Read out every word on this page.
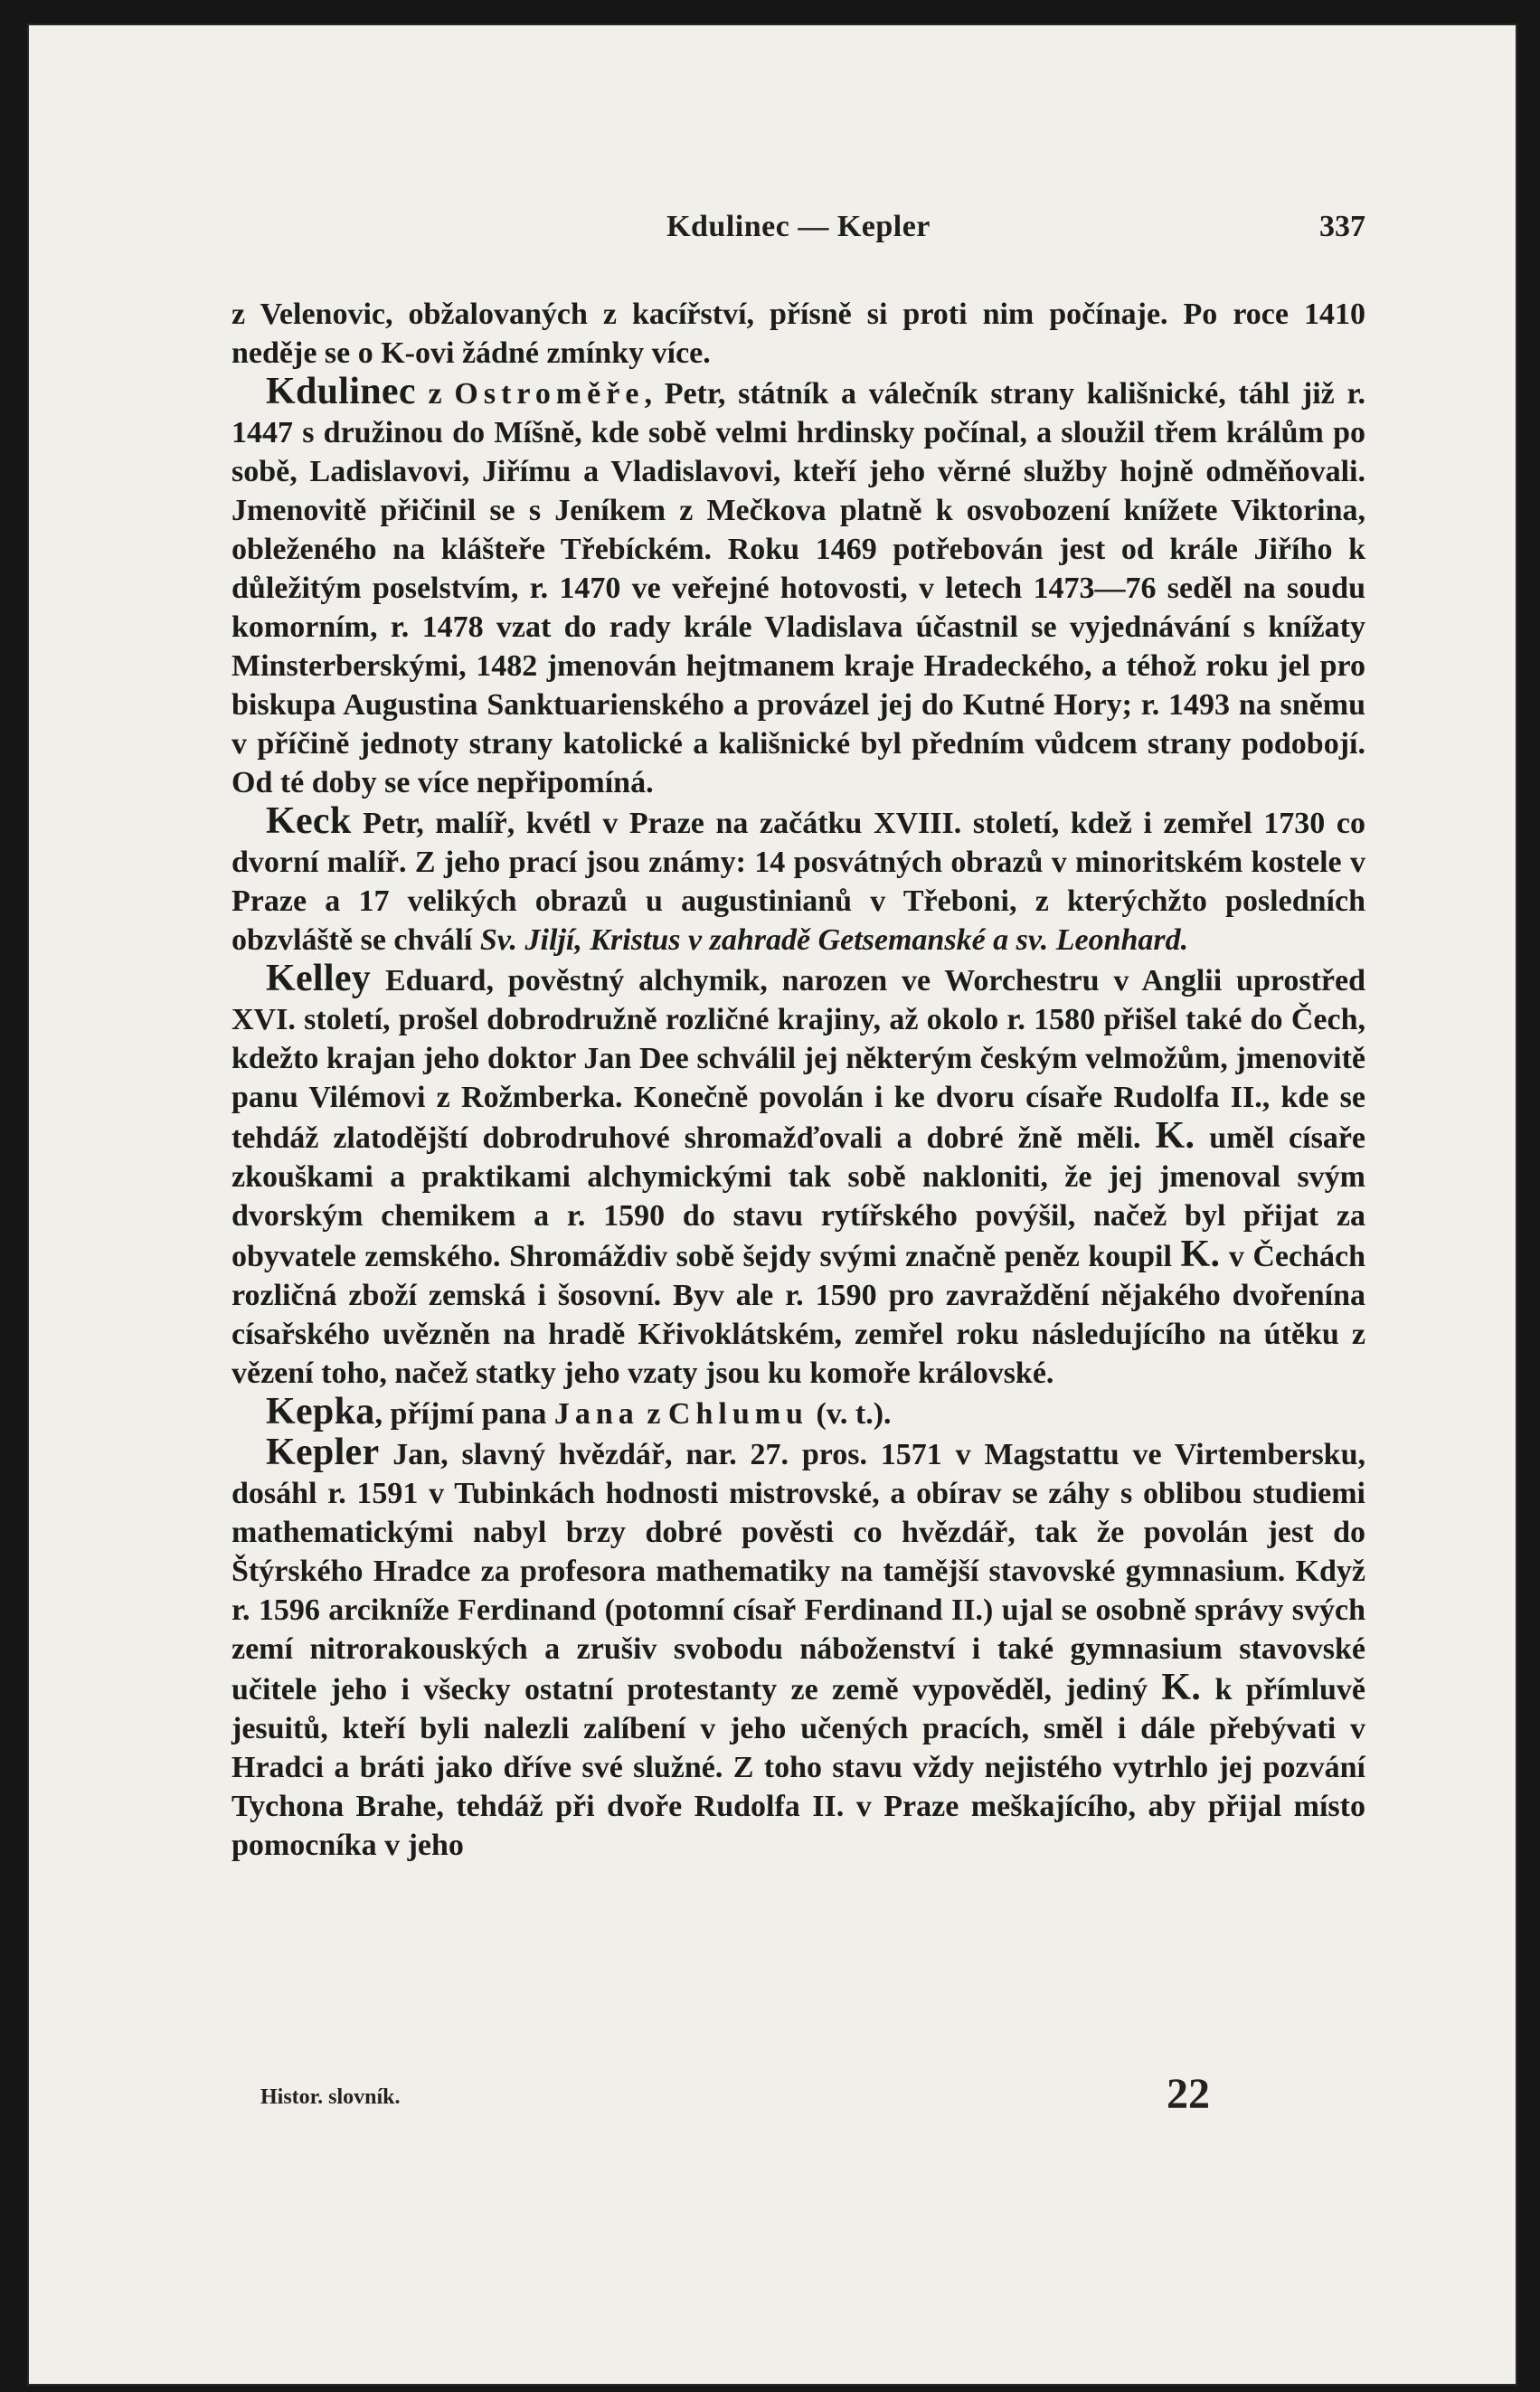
Kdulinec — Kepler	337

z Velenovic, obžalovaných z kacířství, přísně si proti nim počínaje. Po roce 1410 neděje se o K-ovi žádné zmínky více.

Kdulinec z Ostroměře, Petr, státník a válečník strany kališnické, táhl již r. 1447 s družinou do Míšně, kde sobě velmi hrdinsky počínal, a sloužil třem králům po sobě, Ladislavovi, Jiřímu a Vladislavovi, kteří jeho věrné služby hojně odměňovali. Jmenovitě přičinil se s Jeníkem z Mečkova platně k osvobození knížete Viktorina, obleženého na klášteře Třebíckém. Roku 1469 potřebován jest od krále Jiřího k důležitým poselstvím, r. 1470 ve veřejné hotovosti, v letech 1473—76 seděl na soudu komorním, r. 1478 vzat do rady krále Vladislava účastnil se vyjednávání s knížaty Minsterberskými, 1482 jmenován hejtmanem kraje Hradeckého, a téhož roku jel pro biskupa Augustina Sanktuarienského a provázel jej do Kutné Hory; r. 1493 na sněmu v příčině jednoty strany katolické a kališnické byl předním vůdcem strany podobojí. Od té doby se více nepřipomíná.

Keck Petr, malíř, kvétl v Praze na začátku XVIII. století, kdež i zemřel 1730 co dvorní malíř. Z jeho prací jsou známy: 14 posvátných obrazů v minoritském kostele v Praze a 17 velikých obrazů u augustinianů v Třeboni, z kterýchžto posledních obzvláště se chválí Sv. Jiljí, Kristus v zahradě Getsemanské a sv. Leonhard.

Kelley Eduard, pověstný alchymik, narozen ve Worchestru v Anglii uprostřed XVI. století, prošel dobrodružně rozličné krajiny, až okolo r. 1580 přišel také do Čech, kdežto krajan jeho doktor Jan Dee schválil jej některým českým velmožům, jmenovitě panu Vilémovi z Rožmberka. Konečně povolán i ke dvoru císaře Rudolfa II., kde se tehdáž zlatodějští dobrodruhové shromažďovali a dobré žně měli. K. uměl císaře zkouškami a praktikami alchymickými tak sobě nakloniti, že jej jmenoval svým dvorským chemikem a r. 1590 do stavu rytířského povýšil, načež byl přijat za obyvatele zemského. Shromáždiv sobě šejdy svými značně peněz koupil K. v Čechách rozličná zboží zemská i šosovní. Byv ale r. 1590 pro zavraždění nějakého dvořenína císařského uvězněn na hradě Křivoklátském, zemřel roku následujícího na útěku z vězení toho, načež statky jeho vzaty jsou ku komoře královské.

Kepka, příjmí pana Jana z Chlumu (v. t.).

Kepler Jan, slavný hvězdář, nar. 27. pros. 1571 v Magstattu ve Virtembersku, dosáhl r. 1591 v Tubinkách hodnosti mistrovské, a obírav se záhy s oblibou studiemi mathematickými nabyl brzy dobré pověsti co hvězdář, tak že povolán jest do Štýrského Hradce za profesora mathematiky na tamější stavovské gymnasium. Když r. 1596 arcikníže Ferdinand (potomní císař Ferdinand II.) ujal se osobně správy svých zemí nitrorakouských a zrušiv svobodu náboženství i také gymnasium stavovské učitele jeho i všecky ostatní protestanty ze země vypověděl, jediný K. k přímluvě jesuitů, kteří byli nalezli zalíbení v jeho učených pracích, směl i dále přebývati v Hradci a bráti jako dříve své služné. Z toho stavu vždy nejistého vytrhlo jej pozvání Tychona Brahe, tehdáž při dvoře Rudolfa II. v Praze meškajícího, aby přijal místo pomocníka v jeho

Histor. slovník.	22
